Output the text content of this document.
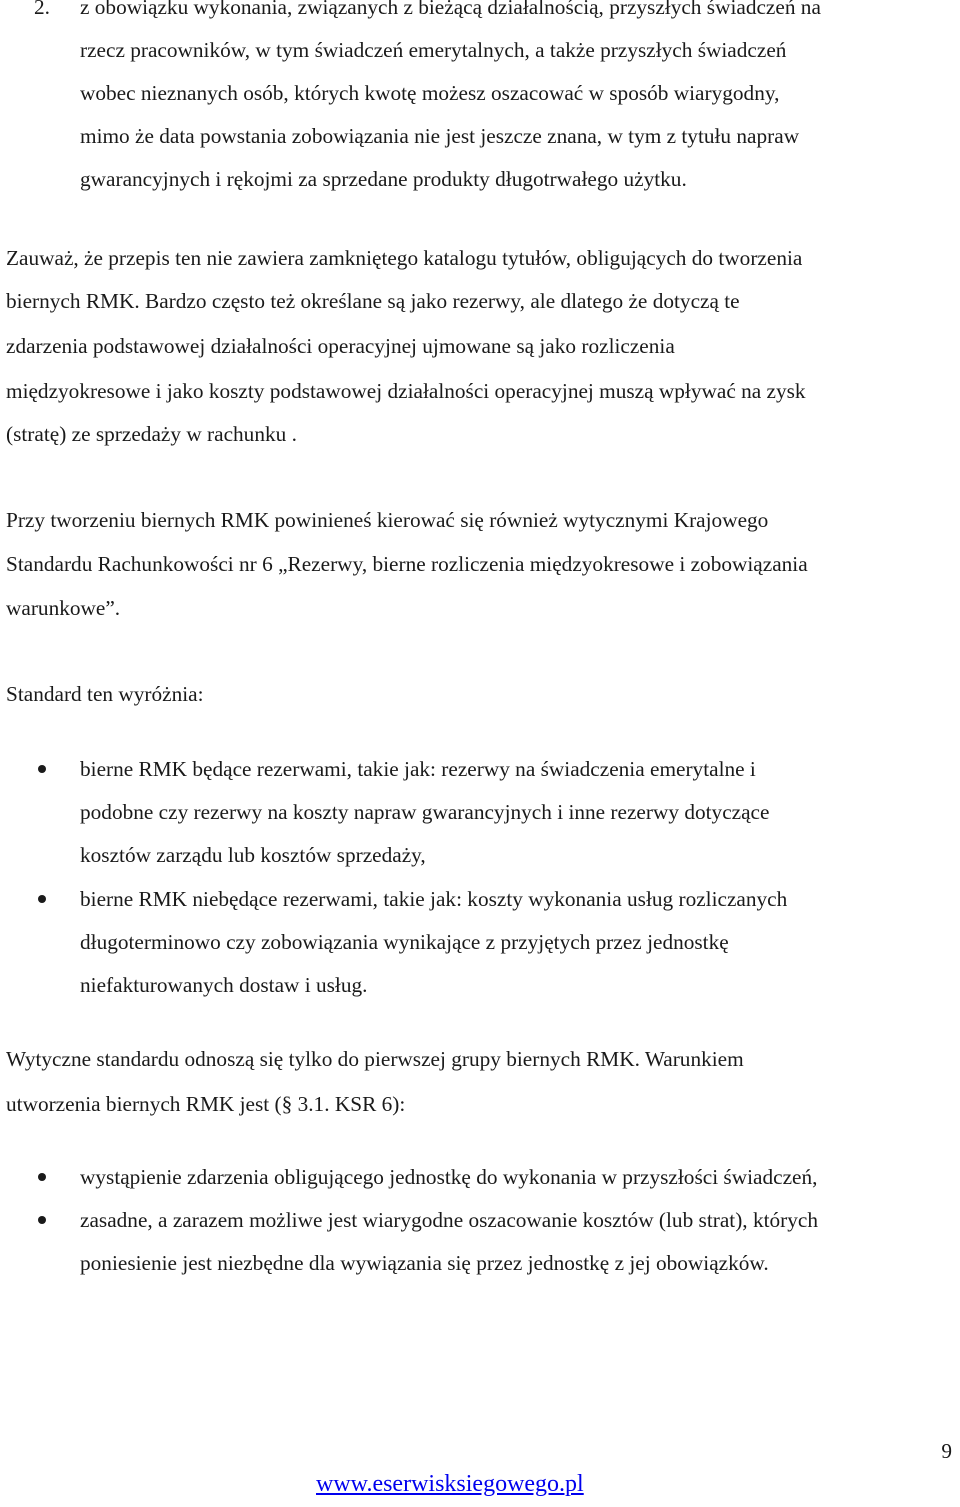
2. z obowiązku wykonania, związanych z bieżącą działalnością, przyszłych świadczeń na
rzecz pracowników, w tym świadczeń emerytalnych, a także przyszłych świadczeń
wobec nieznanych osób, których kwotę możesz oszacować w sposób wiarygodny,
mimo że data powstania zobowiązania nie jest jeszcze znana, w tym z tytułu napraw
gwarancyjnych i rękojmi za sprzedane produkty długotrwałego użytku.
Zauważ, że przepis ten nie zawiera zamkniętego katalogu tytułów, obligujących do tworzenia
biernych RMK. Bardzo często też określane są jako rezerwy, ale dlatego że dotyczą te
zdarzenia podstawowej działalności operacyjnej ujmowane są jako rozliczenia
międzyokresowe i jako koszty podstawowej działalności operacyjnej muszą wpływać na zysk
(stratę) ze sprzedaży w rachunku .
Przy tworzeniu biernych RMK powinieneś kierować się również wytycznymi Krajowego
Standardu Rachunkowości nr 6 „Rezerwy, bierne rozliczenia międzyokresowe i zobowiązania
warunkowe”.
Standard ten wyróżnia:
bierne RMK będące rezerwami, takie jak: rezerwy na świadczenia emerytalne i
podobne czy rezerwy na koszty napraw gwarancyjnych i inne rezerwy dotyczące
kosztów zarządu lub kosztów sprzedaży,
bierne RMK niebędące rezerwami, takie jak: koszty wykonania usług rozliczanych
długoterminowo czy zobowiązania wynikające z przyjętych przez jednostkę
niefakturowanych dostaw i usług.
Wytyczne standardu odnoszą się tylko do pierwszej grupy biernych RMK. Warunkiem
utworzenia biernych RMK jest (§ 3.1. KSR 6):
wystąpienie zdarzenia obligującego jednostkę do wykonania w przyszłości świadczeń,
zasadne, a zarazem możliwe jest wiarygodne oszacowanie kosztów (lub strat), których
poniesienie jest niezbędne dla wywiązania się przez jednostkę z jej obowiązków.
9
www.eserwisksiegowego.pl
